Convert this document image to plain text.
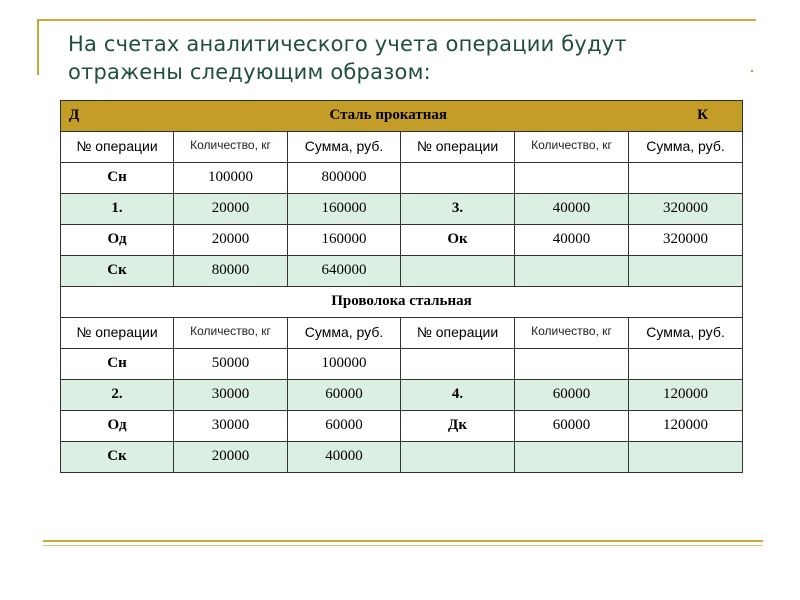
На счетах аналитического учета операции будут
отражены следующим образом:
Д Сталь прокатная К					

№ операции	Количество, кг	Сумма, руб.	№ операции	Количество, кг	Сумма, руб.
Сн	100000	800000			
1.	20000	160000	3.	40000	320000
Од	20000	160000	Ок	40000	320000
Ск	80000	640000			
Проволока стальная					
№ операции	Количество, кг	Сумма, руб.	№ операции	Количество, кг	Сумма, руб.
Сн	50000	100000			
2.	30000	60000	4.	60000	120000
Од	30000	60000	Дк	60000	120000
Ск	20000	40000			
